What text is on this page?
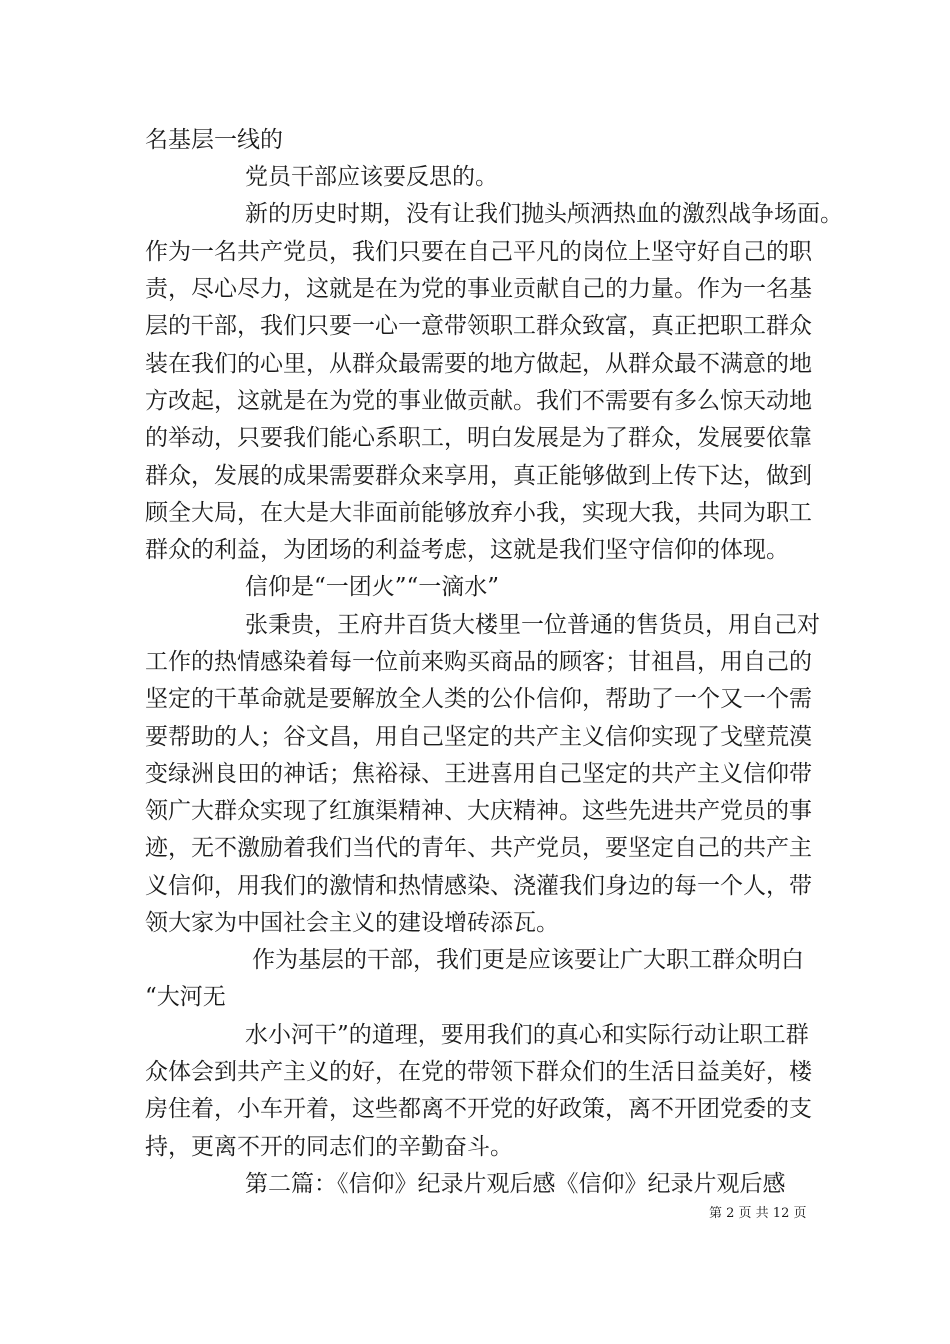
名基层一线的
党员干部应该要反思的。
新的历史时期，没有让我们抛头颅洒热血的激烈战争场面。
作为一名共产党员，我们只要在自己平凡的岗位上坚守好自己的职
责，尽心尽力，这就是在为党的事业贡献自己的力量。作为一名基
层的干部，我们只要一心一意带领职工群众致富，真正把职工群众
装在我们的心里，从群众最需要的地方做起，从群众最不满意的地
方改起，这就是在为党的事业做贡献。我们不需要有多么惊天动地
的举动，只要我们能心系职工，明白发展是为了群众，发展要依靠
群众，发展的成果需要群众来享用，真正能够做到上传下达，做到
顾全大局，在大是大非面前能够放弃小我，实现大我，共同为职工
群众的利益，为团场的利益考虑，这就是我们坚守信仰的体现。
信仰是“一团火”“一滴水”
张秉贵，王府井百货大楼里一位普通的售货员，用自己对
工作的热情感染着每一位前来购买商品的顾客；甘祖昌，用自己的
坚定的干革命就是要解放全人类的公仆信仰，帮助了一个又一个需
要帮助的人；谷文昌，用自己坚定的共产主义信仰实现了戈壁荒漠
变绿洲良田的神话；焦裕禄、王进喜用自己坚定的共产主义信仰带
领广大群众实现了红旗渠精神、大庆精神。这些先进共产党员的事
迹，无不激励着我们当代的青年、共产党员，要坚定自己的共产主
义信仰，用我们的激情和热情感染、浇灌我们身边的每一个人，带
领大家为中国社会主义的建设增砖添瓦。
作为基层的干部，我们更是应该要让广大职工群众明白
“大河无
水小河干”的道理，要用我们的真心和实际行动让职工群
众体会到共产主义的好，在党的带领下群众们的生活日益美好，楼
房住着，小车开着，这些都离不开党的好政策，离不开团党委的支
持，更离不开的同志们的辛勤奋斗。
第二篇：《信仰》纪录片观后感《信仰》纪录片观后感
第 2 页 共 12 页
